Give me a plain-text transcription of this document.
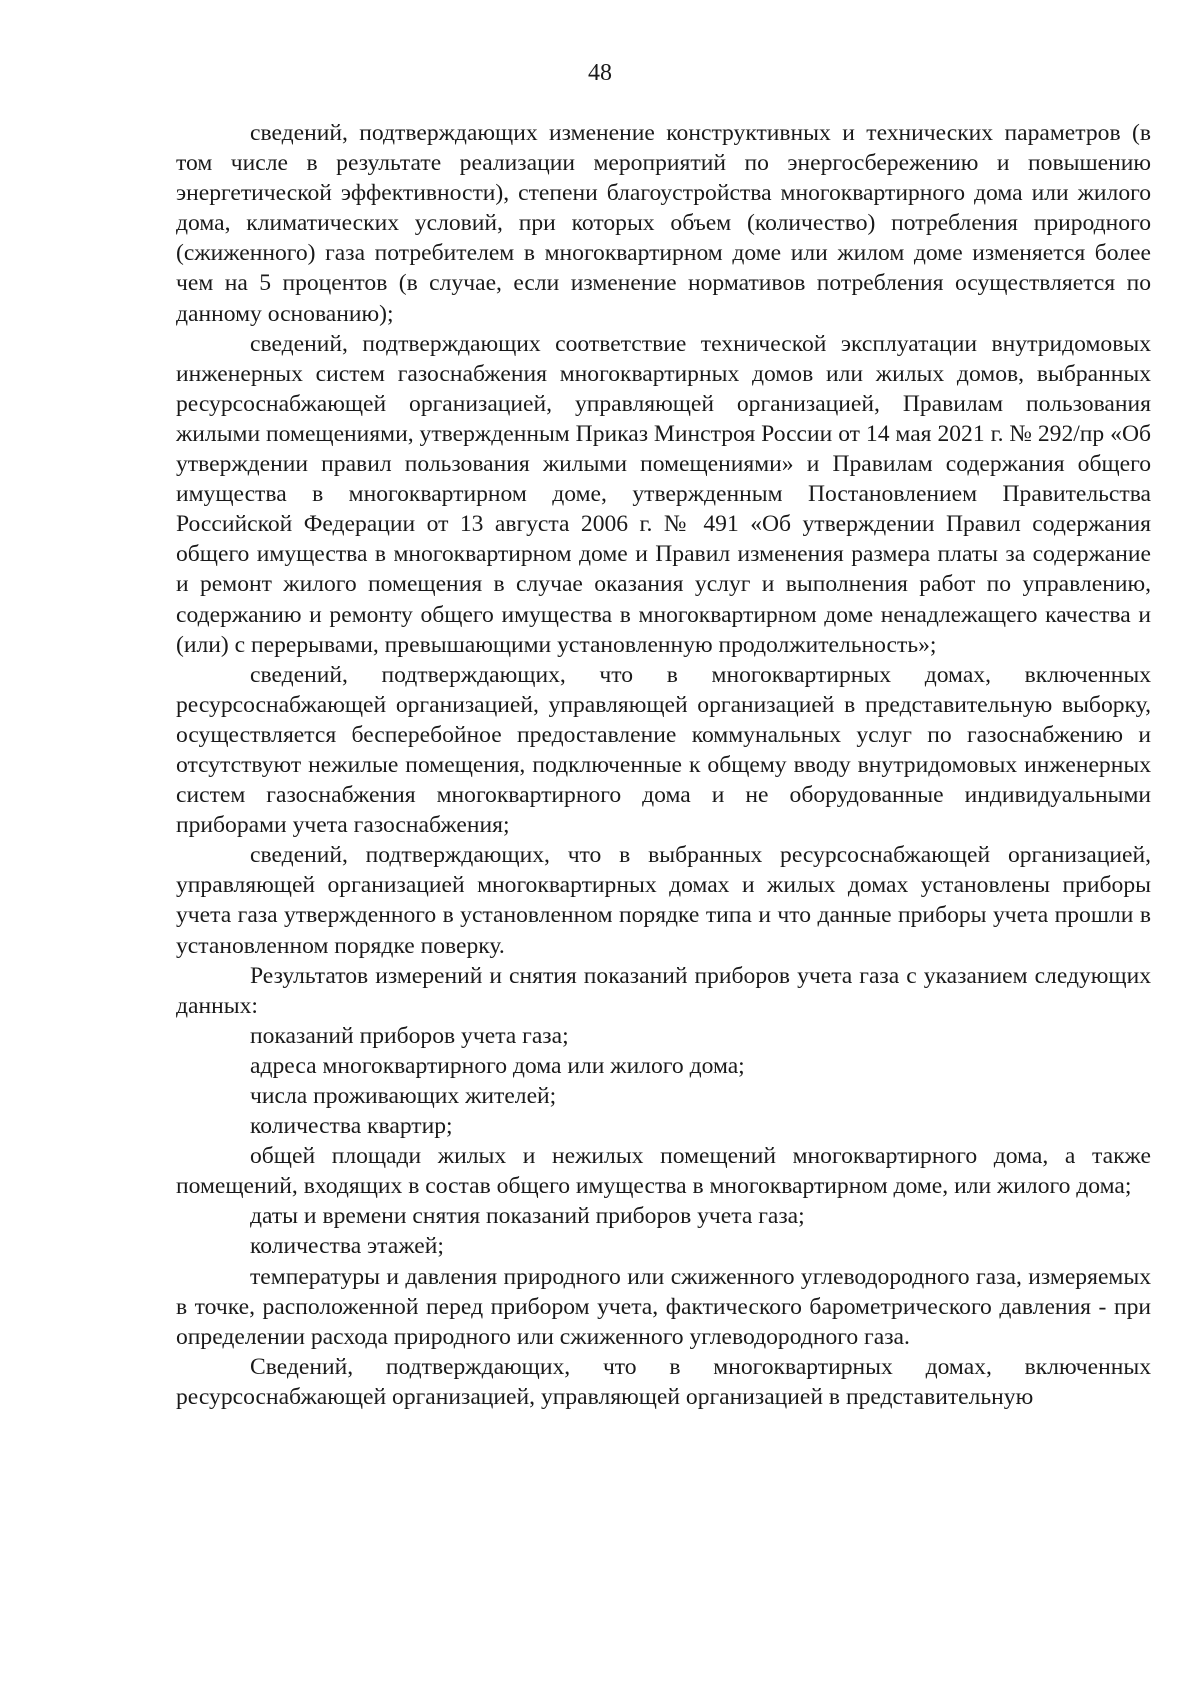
48

сведений, подтверждающих изменение конструктивных и технических параметров (в том числе в результате реализации мероприятий по энергосбережению и повышению энергетической эффективности), степени благоустройства многоквартирного дома или жилого дома, климатических условий, при которых объем (количество) потребления природного (сжиженного) газа потребителем в многоквартирном доме или жилом доме изменяется более чем на 5 процентов (в случае, если изменение нормативов потребления осуществляется по данному основанию);

сведений, подтверждающих соответствие технической эксплуатации внутридомовых инженерных систем газоснабжения многоквартирных домов или жилых домов, выбранных ресурсоснабжающей организацией, управляющей организацией, Правилам пользования жилыми помещениями, утвержденным Приказ Минстроя России от 14 мая 2021 г. № 292/пр «Об утверждении правил пользования жилыми помещениями» и Правилам содержания общего имущества в многоквартирном доме, утвержденным Постановлением Правительства Российской Федерации от 13 августа 2006 г. № 491 «Об утверждении Правил содержания общего имущества в многоквартирном доме и Правил изменения размера платы за содержание и ремонт жилого помещения в случае оказания услуг и выполнения работ по управлению, содержанию и ремонту общего имущества в многоквартирном доме ненадлежащего качества и (или) с перерывами, превышающими установленную продолжительность»;

сведений, подтверждающих, что в многоквартирных домах, включенных ресурсоснабжающей организацией, управляющей организацией в представительную выборку, осуществляется бесперебойное предоставление коммунальных услуг по газоснабжению и отсутствуют нежилые помещения, подключенные к общему вводу внутридомовых инженерных систем газоснабжения многоквартирного дома и не оборудованные индивидуальными приборами учета газоснабжения;

сведений, подтверждающих, что в выбранных ресурсоснабжающей организацией, управляющей организацией многоквартирных домах и жилых домах установлены приборы учета газа утвержденного в установленном порядке типа и что данные приборы учета прошли в установленном порядке поверку.

Результатов измерений и снятия показаний приборов учета газа с указанием следующих данных:

показаний приборов учета газа;

адреса многоквартирного дома или жилого дома;

числа проживающих жителей;

количества квартир;

общей площади жилых и нежилых помещений многоквартирного дома, а также помещений, входящих в состав общего имущества в многоквартирном доме, или жилого дома;

даты и времени снятия показаний приборов учета газа;

количества этажей;

температуры и давления природного или сжиженного углеводородного газа, измеряемых в точке, расположенной перед прибором учета, фактического барометрического давления - при определении расхода природного или сжиженного углеводородного газа.

Сведений, подтверждающих, что в многоквартирных домах, включенных ресурсоснабжающей организацией, управляющей организацией в представительную
